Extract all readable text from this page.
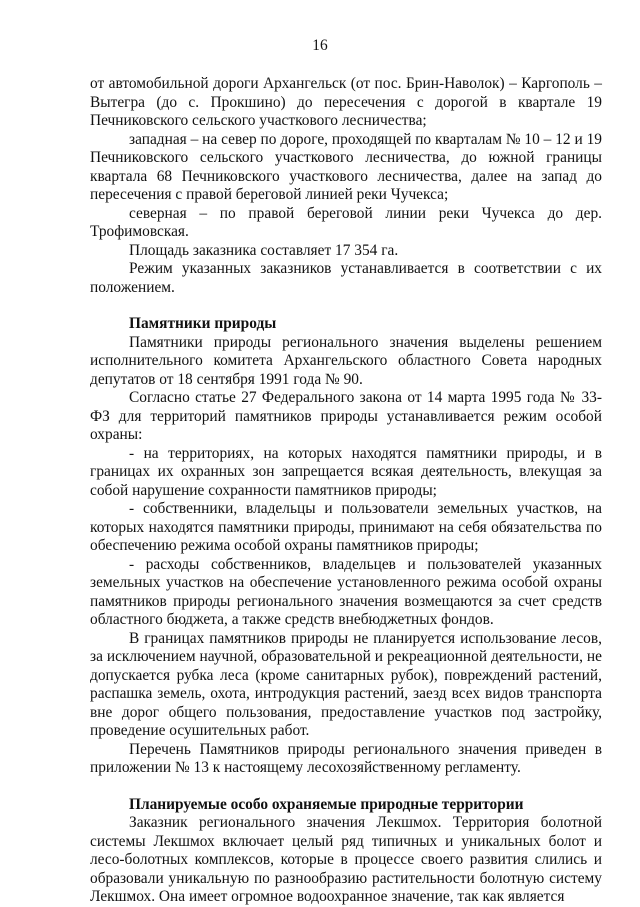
16

от автомобильной дороги Архангельск (от пос. Брин-Наволок) – Каргополь – Вытегра (до с. Прокшино) до пересечения с дорогой в квартале 19 Печниковского сельского участкового лесничества;

западная – на север по дороге, проходящей по кварталам № 10 – 12 и 19 Печниковского сельского участкового лесничества, до южной границы квартала 68 Печниковского участкового лесничества, далее на запад до пересечения с правой береговой линией реки Чучекса;

северная – по правой береговой линии реки Чучекса до дер. Трофимовская.

Площадь заказника составляет 17 354 га.

Режим указанных заказников устанавливается в соответствии с их положением.

Памятники природы

Памятники природы регионального значения выделены решением исполнительного комитета Архангельского областного Совета народных депутатов от 18 сентября 1991 года № 90.

Согласно статье 27 Федерального закона от 14 марта 1995 года № 33-ФЗ для территорий памятников природы устанавливается режим особой охраны:

- на территориях, на которых находятся памятники природы, и в границах их охранных зон запрещается всякая деятельность, влекущая за собой нарушение сохранности памятников природы;

- собственники, владельцы и пользователи земельных участков, на которых находятся памятники природы, принимают на себя обязательства по обеспечению режима особой охраны памятников природы;

- расходы собственников, владельцев и пользователей указанных земельных участков на обеспечение установленного режима особой охраны памятников природы регионального значения возмещаются за счет средств областного бюджета, а также средств внебюджетных фондов.

В границах памятников природы не планируется использование лесов, за исключением научной, образовательной и рекреационной деятельности, не допускается рубка леса (кроме санитарных рубок), повреждений растений, распашка земель, охота, интродукция растений, заезд всех видов транспорта вне дорог общего пользования, предоставление участков под застройку, проведение осушительных работ.

Перечень Памятников природы регионального значения приведен в приложении № 13 к настоящему лесохозяйственному регламенту.

Планируемые особо охраняемые природные территории

Заказник регионального значения Лекшмох. Территория болотной системы Лекшмох включает целый ряд типичных и уникальных болот и лесо-болотных комплексов, которые в процессе своего развития слились и образовали уникальную по разнообразию растительности болотную систему Лекшмох. Она имеет огромное водоохранное значение, так как является
